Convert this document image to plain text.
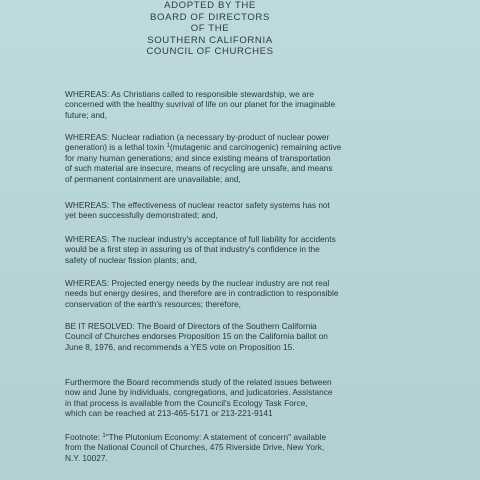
ADOPTED BY THE
BOARD OF DIRECTORS
OF THE
SOUTHERN CALIFORNIA
COUNCIL OF CHURCHES
WHEREAS: As Christians called to responsible stewardship, we are
concerned with the healthy suvrival of life on our planet for the imaginable
future; and,
WHEREAS: Nuclear radiation (a necessary by-product of nuclear power
generation) is a lethal toxin $^1$(mutagenic and carcinogenic) remaining active
for many human generations; and since existing means of transportation
of such material are insecure, means of recycling are unsafe, and means
of permanent containment are unavailable; and,
WHEREAS: The effectiveness of nuclear reactor safety systems has not
yet been successfully demonstrated; and,
WHEREAS: The nuclear industry's acceptance of full liability for accidents
would be a first step in assuring us of that industry's confidence in the
safety of nuclear fission plants; and,
WHEREAS: Projected energy needs by the nuclear industry are not real
needs but energy desires, and therefore are in contradiction to responsible
conservation of the earth's resources; therefore,
BE IT RESOLVED: The Board of Directors of the Southern California
Council of Churches endorses Proposition 15 on the California ballot on
June 8, 1976, and recommends a YES vote on Proposition 15.
Furthermore the Board recommends study of the related issues between
now and June by individuals, congregations, and judicatories. Assistance
in that process is available from the Council's Ecology Task Force,
which can be reached at 213-465-5171 or 213-221-9141
Footnote: $^1$"The Plutonium Economy: A statement of concern" available
from the National Council of Churches, 475 Riverside Drive, New York,
N.Y. 10027.
